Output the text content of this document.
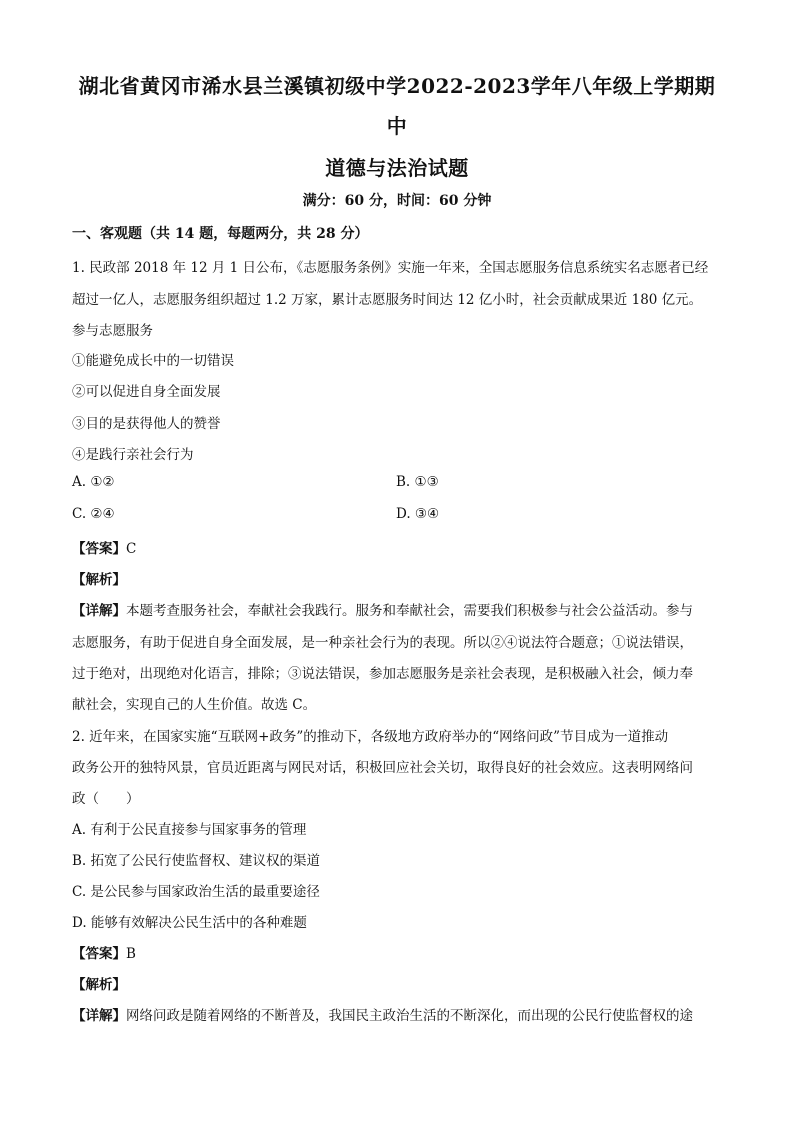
湖北省黄冈市浠水县兰溪镇初级中学2022-2023学年八年级上学期期
中
道德与法治试题
满分：60 分，时间：60 分钟
一、客观题（共 14 题，每题两分，共 28 分）
1. 民政部 2018 年 12 月 1 日公布，《志愿服务条例》实施一年来，全国志愿服务信息系统实名志愿者已经
超过一亿人，志愿服务组织超过 1.2 万家，累计志愿服务时间达 12 亿小时，社会贡献成果近 180 亿元。
参与志愿服务
①能避免成长中的一切错误
②可以促进自身全面发展
③目的是获得他人的赞誉
④是践行亲社会行为
A. ①②	B. ①③
C. ②④	D. ③④
【答案】C
【解析】
【详解】本题考查服务社会，奉献社会我践行。服务和奉献社会，需要我们积极参与社会公益活动。参与
志愿服务，有助于促进自身全面发展，是一种亲社会行为的表现。所以②④说法符合题意；①说法错误，
过于绝对，出现绝对化语言，排除；③说法错误，参加志愿服务是亲社会表现，是积极融入社会，倾力奉
献社会，实现自己的人生价值。故选 C。
2. 近年来，在国家实施“互联网+政务”的推动下，各级地方政府举办的“网络问政”节目成为一道推动
政务公开的独特风景，官员近距离与网民对话，积极回应社会关切，取得良好的社会效应。这表明网络问
政（　　）
A. 有利于公民直接参与国家事务的管理
B. 拓宽了公民行使监督权、建议权的渠道
C. 是公民参与国家政治生活的最重要途径
D. 能够有效解决公民生活中的各种难题
【答案】B
【解析】
【详解】网络问政是随着网络的不断普及，我国民主政治生活的不断深化，而出现的公民行使监督权的途
